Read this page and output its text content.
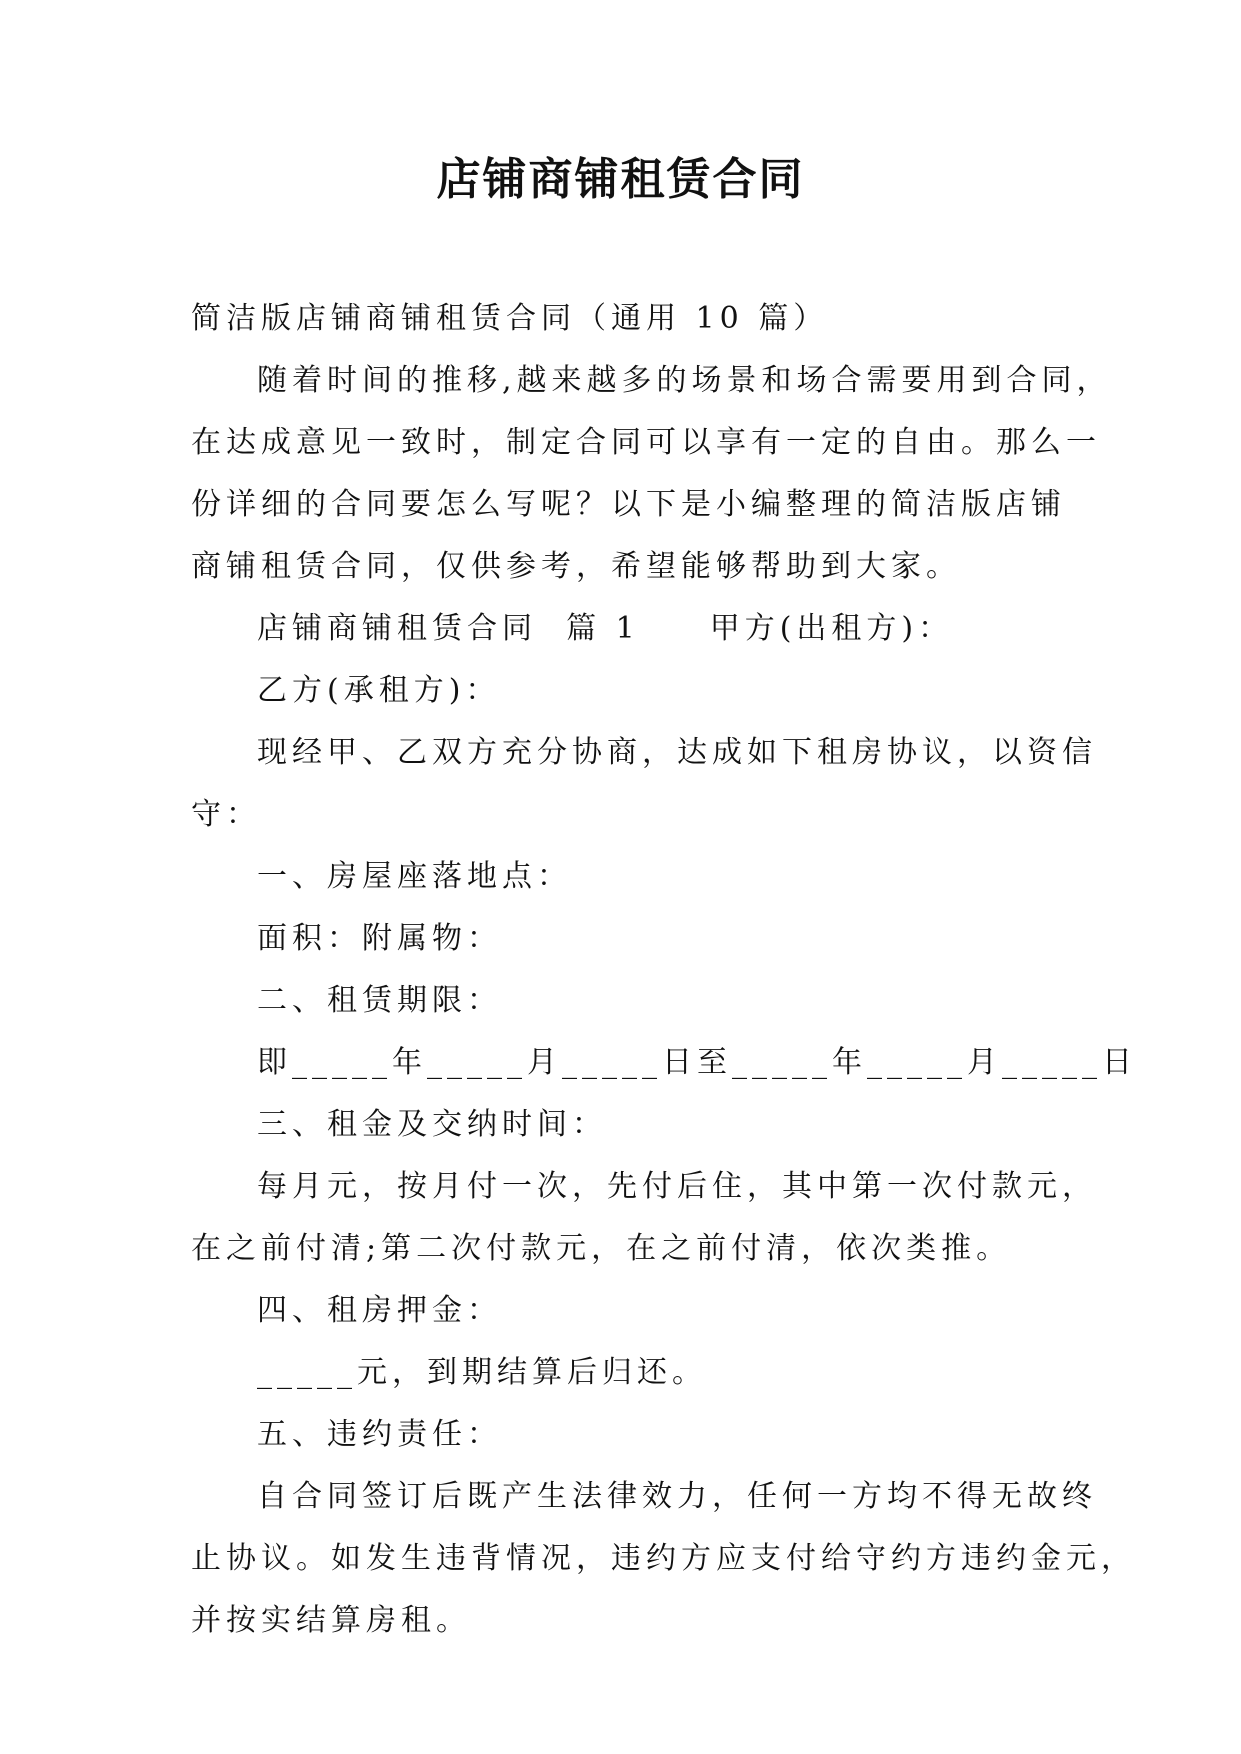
店铺商铺租赁合同
简洁版店铺商铺租赁合同（通用 10 篇）
随着时间的推移,越来越多的场景和场合需要用到合同，
在达成意见一致时，制定合同可以享有一定的自由。那么一
份详细的合同要怎么写呢？以下是小编整理的简洁版店铺
商铺租赁合同，仅供参考，希望能够帮助到大家。
店铺商铺租赁合同  篇 1 甲方(出租方)：
乙方(承租方)：
现经甲、乙双方充分协商，达成如下租房协议，以资信
守：
一、房屋座落地点：
面积：附属物：
二、租赁期限：
即_____年_____月_____日至_____年_____月_____日
三、租金及交纳时间：
每月元，按月付一次，先付后住，其中第一次付款元，
在之前付清;第二次付款元，在之前付清，依次类推。
四、租房押金：
_____元，到期结算后归还。
五、违约责任：
自合同签订后既产生法律效力，任何一方均不得无故终
止协议。如发生违背情况，违约方应支付给守约方违约金元，
并按实结算房租。
